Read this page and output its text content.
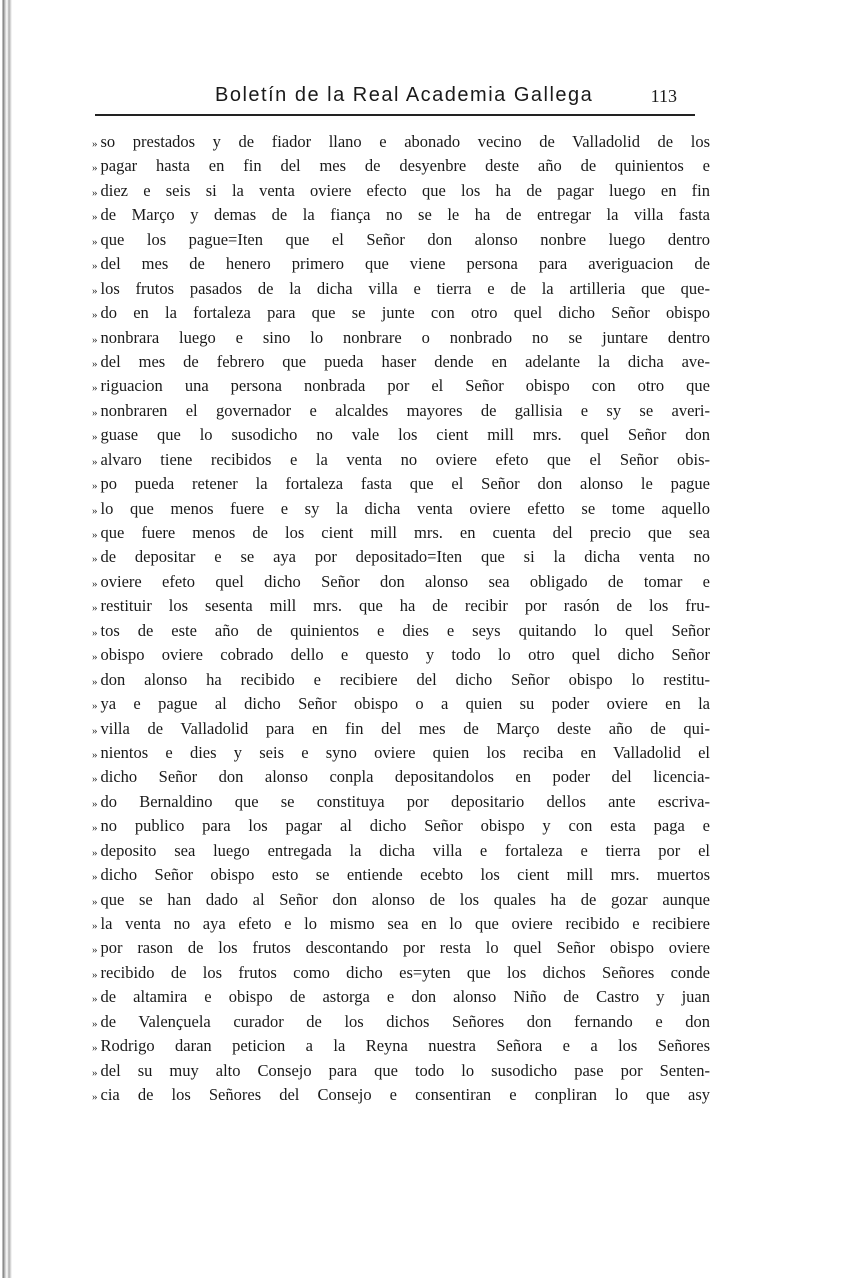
Boletín de la Real Academia Gallega	113
» so prestados y de fiador llano e abonado vecino de Valladolid de los
» pagar hasta en fin del mes de desyenbre deste año de quinientos e
» diez e seis si la venta oviere efecto que los ha de pagar luego en fin
» de Marҫo y demas de la fianҫa no se le ha de entregar la villa fasta
» que los pague=Iten que el Señor don alonso nonbre luego dentro
» del mes de henero primero que viene persona para averiguacion de
» los frutos pasados de la dicha villa e tierra e de la artilleria que que-
» do en la fortaleza para que se junte con otro quel dicho Señor obispo
» nonbrara luego e sino lo nonbrare o nonbrado no se juntare dentro
» del mes de febrero que pueda haser dende en adelante la dicha ave-
» riguacion una persona nonbrada por el Señor obispo con otro que
» nonbraren el governador e alcaldes mayores de gallisia e sy se averi-
» guase que lo susodicho no vale los cient mill mrs. quel Señor don
» alvaro tiene recibidos e la venta no oviere efeto que el Señor obis-
» po pueda retener la fortaleza fasta que el Señor don alonso le pague
» lo que menos fuere e sy la dicha venta oviere efetto se tome aquello
» que fuere menos de los cient mill mrs. en cuenta del precio que sea
» de depositar e se aya por depositado=Iten que si la dicha venta no
» oviere efeto quel dicho Señor don alonso sea obligado de tomar e
» restituir los sesenta mill mrs. que ha de recibir por rasón de los fru-
» tos de este año de quinientos e dies e seys quitando lo quel Señor
» obispo oviere cobrado dello e questo y todo lo otro quel dicho Señor
» don alonso ha recibido e recibiere del dicho Señor obispo lo restitu-
» ya e pague al dicho Señor obispo o a quien su poder oviere en la
» villa de Valladolid para en fin del mes de Marҫo deste año de qui-
» nientos e dies y seis e syno oviere quien los reciba en Valladolid el
» dicho Señor don alonso conpla depositandolos en poder del licencia-
» do Bernaldino que se constituya por depositario dellos ante escriva-
» no publico para los pagar al dicho Señor obispo y con esta paga e
» deposito sea luego entregada la dicha villa e fortaleza e tierra por el
» dicho Señor obispo esto se entiende ecebto los cient mill mrs. muertos
» que se han dado al Señor don alonso de los quales ha de gozar aunque
» la venta no aya efeto e lo mismo sea en lo que oviere recibido e recibiere
» por rason de los frutos descontando por resta lo quel Señor obispo oviere
» recibido de los frutos como dicho es=yten que los dichos Señores conde
» de altamira e obispo de astorga e don alonso Niño de Castro y juan
» de Valenҫuela curador de los dichos Señores don fernando e don
» Rodrigo daran peticion a la Reyna nuestra Señora e a los Señores
» del su muy alto Consejo para que todo lo susodicho pase por Senten-
» cia de los Señores del Consejo e consentiran e conpliran lo que asy
